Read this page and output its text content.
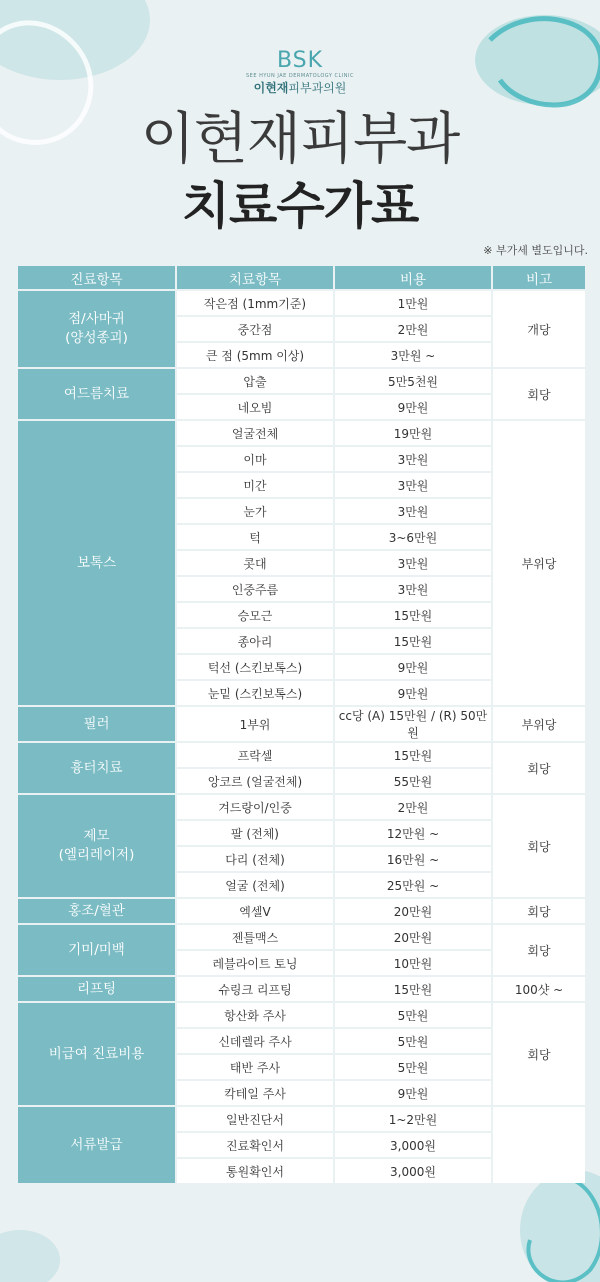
BSK
SEE HYUN JAE DERMATOLOGY CLINIC
이현재피부과의원
이현재피부과
치료수가표
※ 부가세 별도입니다.
진료항목	치료항목	비용	비고

점/사마귀
(양성종괴)	작은점 (1mm기준)	1만원	개당
	중간점	2만원	
	큰 점 (5mm 이상)	3만원 ~	

여드름치료	압출	5만5천원	회당
	네오빔	9만원	

보톡스	얼굴전체	19만원	부위당
	이마	3만원	
	미간	3만원	
	눈가	3만원	
	턱	3~6만원	
	콧대	3만원	
	인중주름	3만원	
	승모근	15만원	
	종아리	15만원	
	턱선 (스킨보톡스)	9만원	
	눈밑 (스킨보톡스)	9만원	

필러	1부위	cc당 (A) 15만원 / (R) 50만원	부위당

흉터치료	프락셀	15만원	회당
	앙코르 (얼굴전체)	55만원	

제모
(엘리레이저)	겨드랑이/인중	2만원	회당
	팔 (전체)	12만원 ~	
	다리 (전체)	16만원 ~	
	얼굴 (전체)	25만원 ~	

홍조/혈관	엑셀V	20만원	회당

기미/미백	젠틀맥스	20만원	회당
	레블라이트 토닝	10만원	

리프팅	슈링크 리프팅	15만원	100샷 ~

비급여 진료비용	항산화 주사	5만원	회당
	신데렐라 주사	5만원	
	태반 주사	5만원	
	칵테일 주사	9만원	

서류발급	일반진단서	1~2만원	
	진료확인서	3,000원	
	통원확인서	3,000원	
